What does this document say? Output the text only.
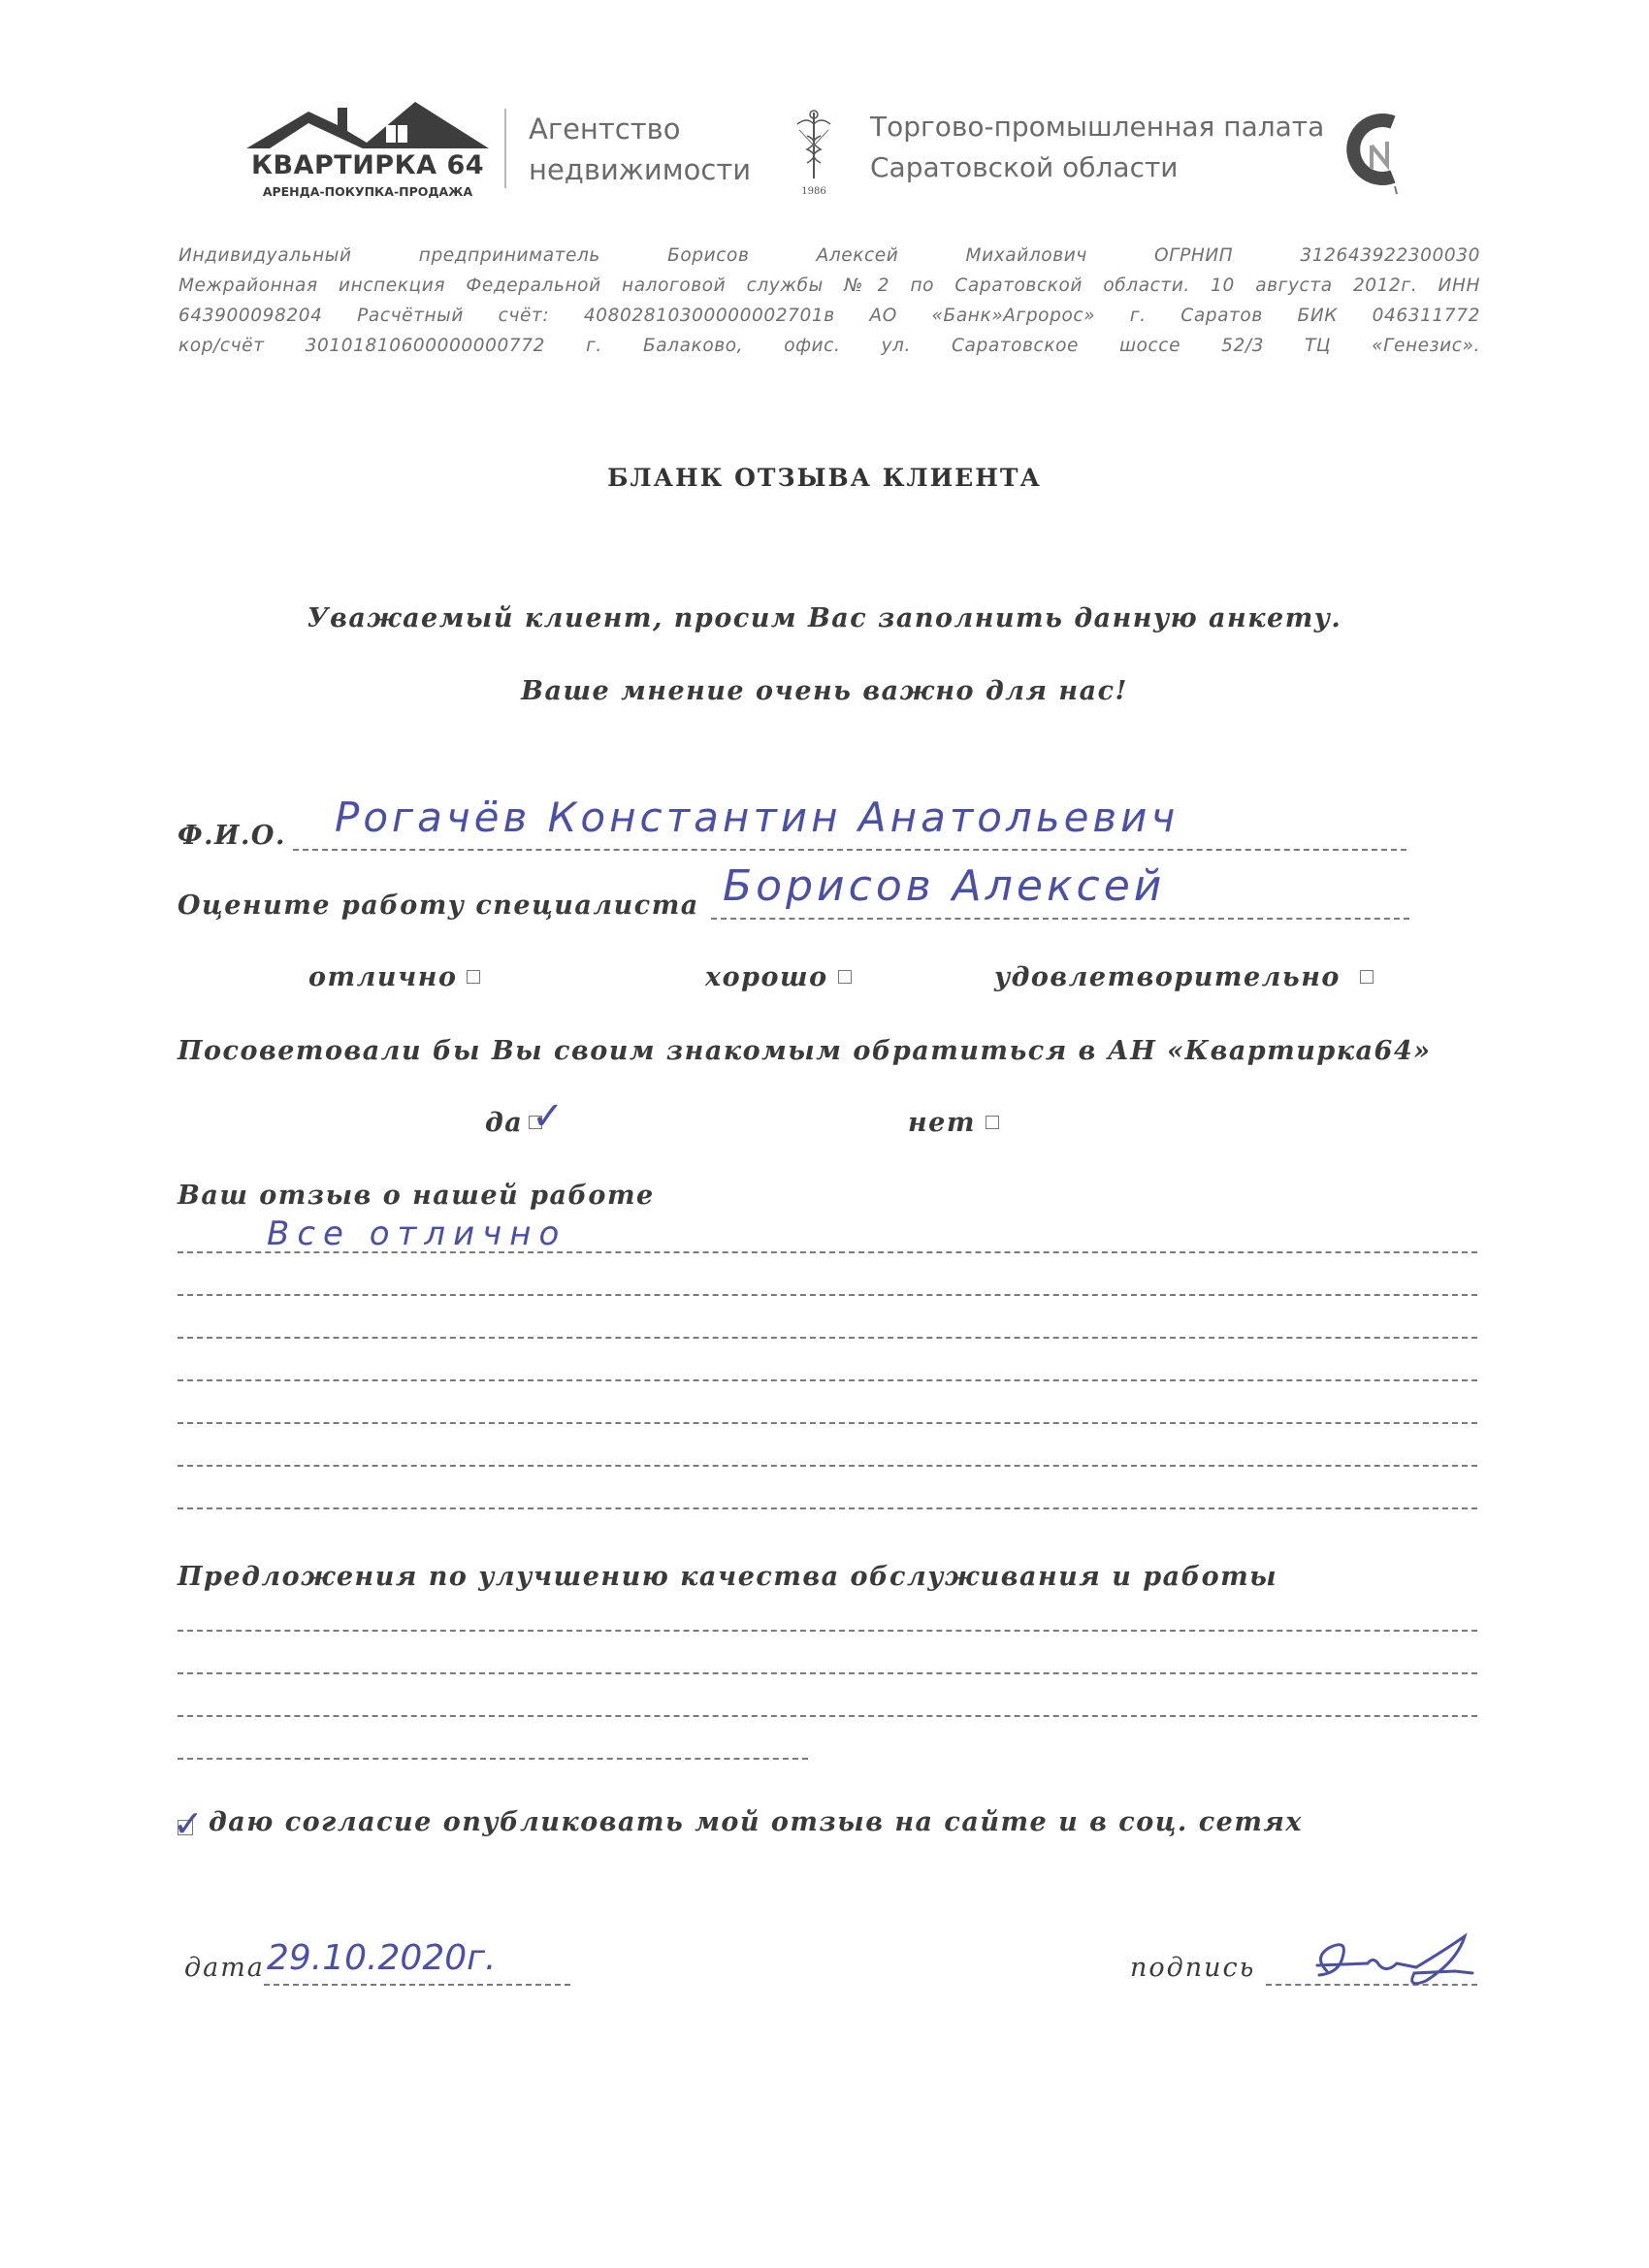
КВАРТИРКА 64
АРЕНДА-ПОКУПКА-ПРОДАЖА
Агентство
недвижимости
1986
Торгово-промышленная палата
Саратовской области
Индивидуальный предприниматель Борисов Алексей Михайлович ОГРНИП 312643922300030
Межрайонная инспекция Федеральной налоговой службы №2 по Саратовской области. 10 августа 2012г. ИНН
643900098204 Расчётный счёт: 40802810300000002701в АО «Банк»Агророс» г. Саратов БИК 046311772
кор/счёт 30101810600000000772 г. Балаково, офис. ул. Саратовское шоссе 52/3 ТЦ «Генезис».
БЛАНК ОТЗЫВА КЛИЕНТА
Уважаемый клиент, просим Вас заполнить данную анкету.
Ваше мнение очень важно для нас!
Ф.И.О. Рогачёв Константин Анатольевич
Оцените работу специалиста Борисов Алексей
отлично	хорошо	удовлетворительно
Посоветовали бы Вы своим знакомым обратиться в АН «Квартирка64»
да ✓	нет
Ваш отзыв о нашей работе
Все отлично
Предложения по улучшению качества обслуживания и работы
✓ даю согласие опубликовать мой отзыв на сайте и в соц. сетях
дата 29.10.2020г.	подпись
